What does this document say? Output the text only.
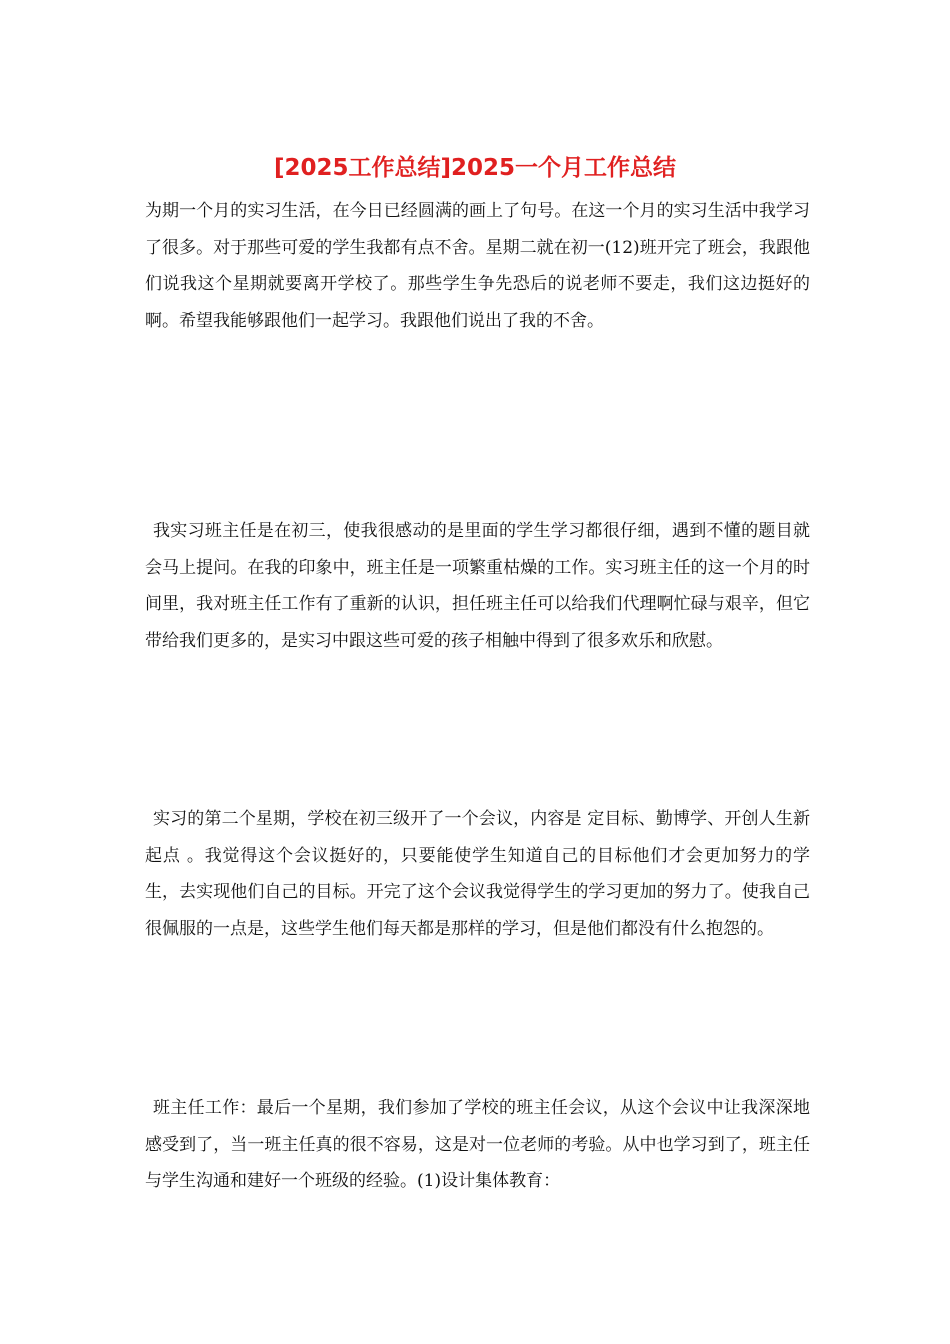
[2025工作总结]2025一个月工作总结

为期一个月的实习生活，在今日已经圆满的画上了句号。在这一个月的实习生活中我学习了很多。对于那些可爱的学生我都有点不舍。星期二就在初一(12)班开完了班会，我跟他们说我这个星期就要离开学校了。那些学生争先恐后的说老师不要走，我们这边挺好的啊。希望我能够跟他们一起学习。我跟他们说出了我的不舍。

我实习班主任是在初三，使我很感动的是里面的学生学习都很仔细，遇到不懂的题目就会马上提问。在我的印象中，班主任是一项繁重枯燥的工作。实习班主任的这一个月的时间里，我对班主任工作有了重新的认识，担任班主任可以给我们代理啊忙碌与艰辛，但它带给我们更多的，是实习中跟这些可爱的孩子相触中得到了很多欢乐和欣慰。

实习的第二个星期，学校在初三级开了一个会议，内容是 定目标、勤博学、开创人生新起点 。我觉得这个会议挺好的，只要能使学生知道自己的目标他们才会更加努力的学生，去实现他们自己的目标。开完了这个会议我觉得学生的学习更加的努力了。使我自己很佩服的一点是，这些学生他们每天都是那样的学习，但是他们都没有什么抱怨的。

班主任工作：最后一个星期，我们参加了学校的班主任会议，从这个会议中让我深深地感受到了，当一班主任真的很不容易，这是对一位老师的考验。从中也学习到了，班主任与学生沟通和建好一个班级的经验。(1)设计集体教育：
